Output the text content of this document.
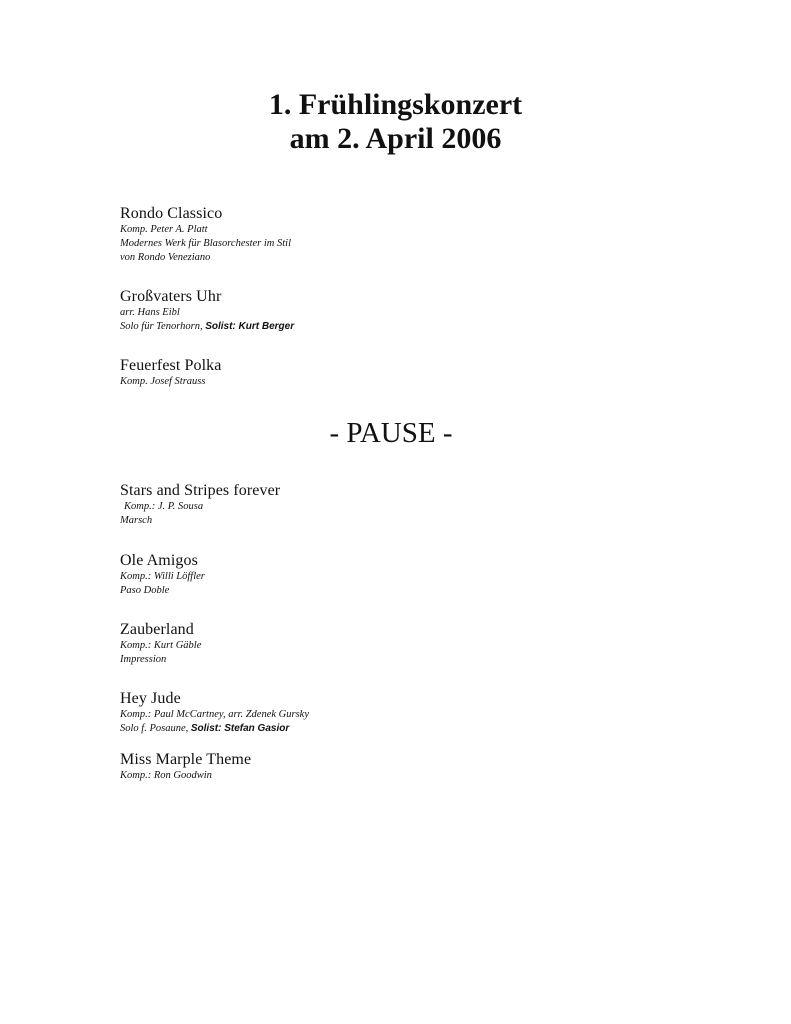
1. Frühlingskonzert
am 2. April 2006

Rondo Classico

Komp. Peter A. Platt

Modernes Werk für Blasorchester im Stil

von Rondo Veneziano

Großvaters Uhr

arr. Hans Eibl

Solo für Tenorhorn, Solist: Kurt Berger

Feuerfest Polka

Komp. Josef Strauss

- PAUSE -

Stars and Stripes forever

Komp.: J. P. Sousa

Marsch

Ole Amigos

Komp.: Willi Löffler

Paso Doble

Zauberland

Komp.: Kurt Gäble

Impression

Hey Jude

Komp.: Paul McCartney, arr. Zdenek Gursky

Solo f. Posaune, Solist: Stefan Gasior

Miss Marple Theme

Komp.: Ron Goodwin
